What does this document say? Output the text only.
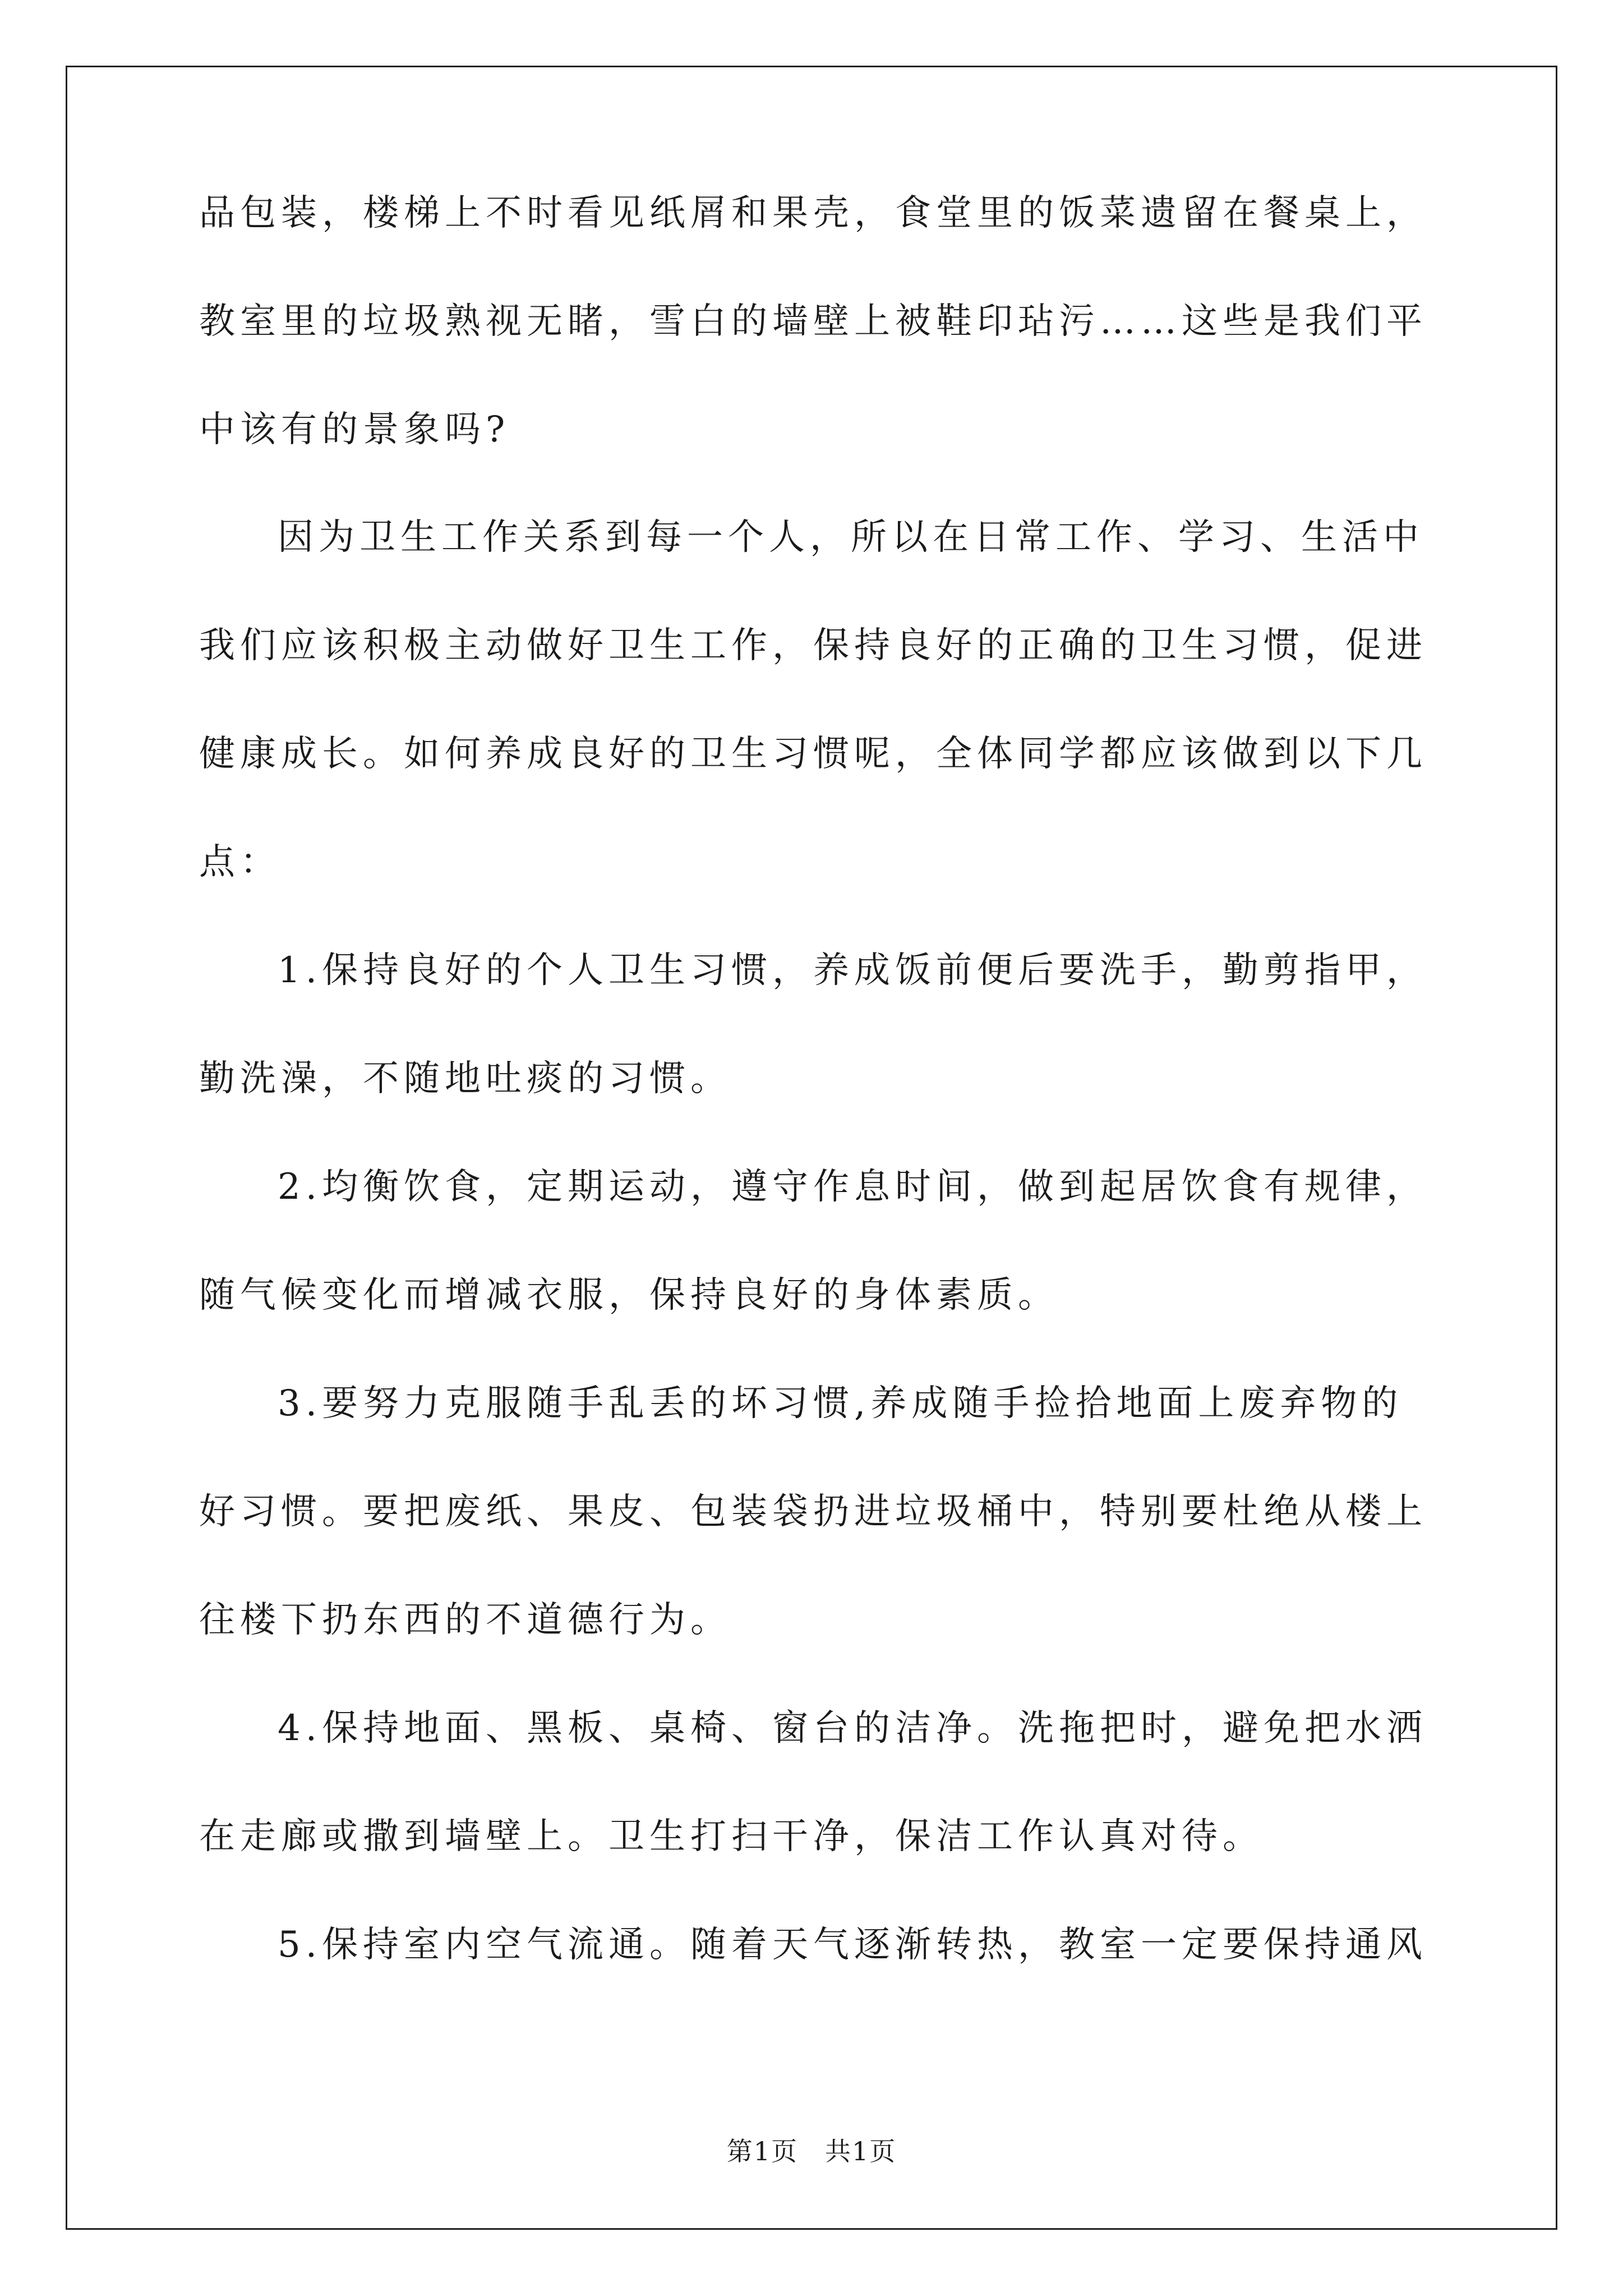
品包装，楼梯上不时看见纸屑和果壳，食堂里的饭菜遗留在餐桌上，
教室里的垃圾熟视无睹，雪白的墙壁上被鞋印玷污……这些是我们平
中该有的景象吗?
因为卫生工作关系到每一个人，所以在日常工作、学习、生活中
我们应该积极主动做好卫生工作，保持良好的正确的卫生习惯，促进
健康成长。如何养成良好的卫生习惯呢，全体同学都应该做到以下几
点：
1.保持良好的个人卫生习惯，养成饭前便后要洗手，勤剪指甲，
勤洗澡，不随地吐痰的习惯。
2.均衡饮食，定期运动，遵守作息时间，做到起居饮食有规律，
随气候变化而增减衣服，保持良好的身体素质。
3.要努力克服随手乱丢的坏习惯,养成随手捡拾地面上废弃物的
好习惯。要把废纸、果皮、包装袋扔进垃圾桶中，特别要杜绝从楼上
往楼下扔东西的不道德行为。
4.保持地面、黑板、桌椅、窗台的洁净。洗拖把时，避免把水洒
在走廊或撒到墙壁上。卫生打扫干净，保洁工作认真对待。
5.保持室内空气流通。随着天气逐渐转热，教室一定要保持通风
第1页　共1页
